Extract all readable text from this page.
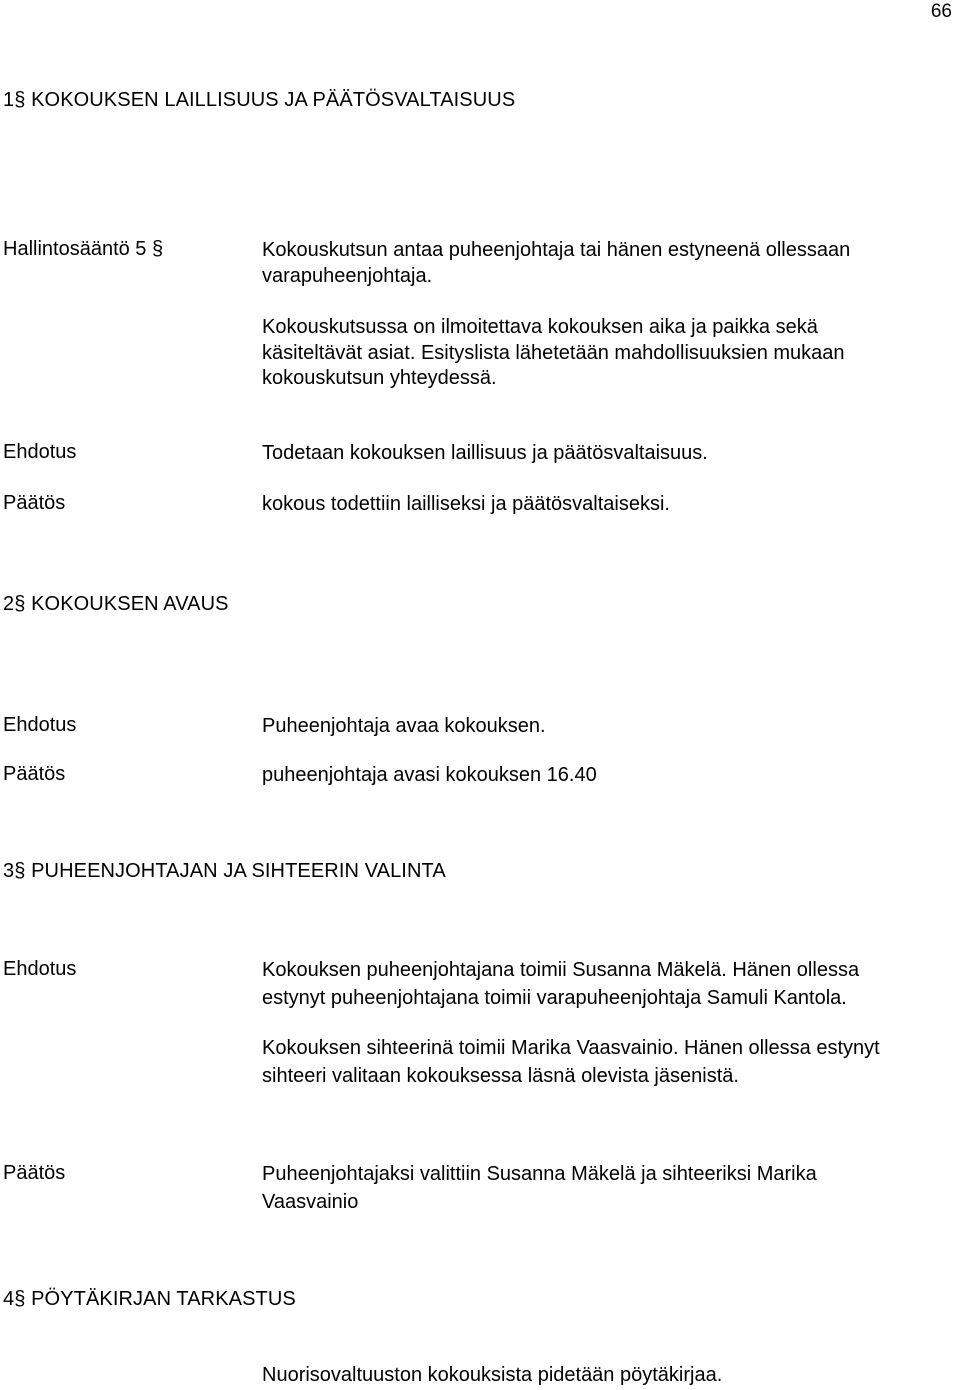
66
1§ KOKOUKSEN LAILLISUUS JA PÄÄTÖSVALTAISUUS
Hallintosääntö 5 §	Kokouskutsun antaa puheenjohtaja tai hänen estyneenä ollessaan
varapuheenjohtaja.
Kokouskutsussa on ilmoitettava kokouksen aika ja paikka sekä
käsiteltävät asiat. Esityslista lähetetään mahdollisuuksien mukaan
kokouskutsun yhteydessä.
Ehdotus	Todetaan kokouksen laillisuus ja päätösvaltaisuus.
Päätös	kokous todettiin lailliseksi ja päätösvaltaiseksi.
2§ KOKOUKSEN AVAUS
Ehdotus	Puheenjohtaja avaa kokouksen.
Päätös	puheenjohtaja avasi kokouksen 16.40
3§ PUHEENJOHTAJAN JA SIHTEERIN VALINTA
Ehdotus	Kokouksen puheenjohtajana toimii Susanna Mäkelä. Hänen ollessa
estynyt puheenjohtajana toimii varapuheenjohtaja Samuli Kantola.
Kokouksen sihteerinä toimii Marika Vaasvainio. Hänen ollessa estynyt
sihteeri valitaan kokouksessa läsnä olevista jäsenistä.
Päätös	Puheenjohtajaksi valittiin Susanna Mäkelä ja sihteeriksi Marika
Vaasvainio
4§ PÖYTÄKIRJAN TARKASTUS
Nuorisovaltuuston kokouksista pidetään pöytäkirjaa.
